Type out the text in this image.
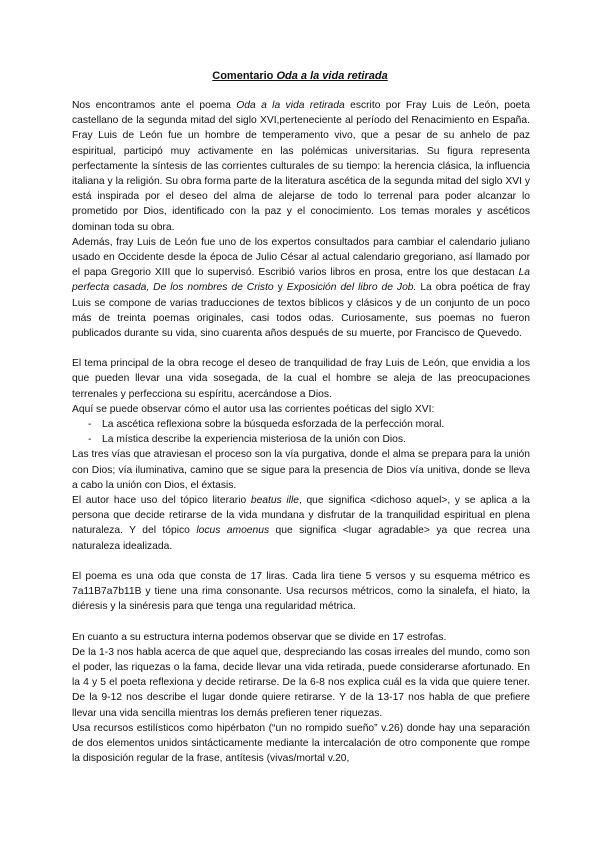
Comentario Oda a la vida retirada

Nos encontramos ante el poema Oda a la vida retirada escrito por Fray Luis de León, poeta castellano de la segunda mitad del siglo XVI,perteneciente al período del Renacimiento en España. Fray Luis de León fue un hombre de temperamento vivo, que a pesar de su anhelo de paz espiritual, participó muy activamente en las polémicas universitarias. Su figura representa perfectamente la síntesis de las corrientes culturales de su tiempo: la herencia clásica, la influencia italiana y la religión. Su obra forma parte de la literatura ascética de la segunda mitad del siglo XVI y está inspirada por el deseo del alma de alejarse de todo lo terrenal para poder alcanzar lo prometido por Dios, identificado con la paz y el conocimiento. Los temas morales y ascéticos dominan toda su obra.

Además, fray Luis de León fue uno de los expertos consultados para cambiar el calendario juliano usado en Occidente desde la época de Julio César al actual calendario gregoriano, así llamado por el papa Gregorio XIII que lo supervisó. Escribió varios libros en prosa, entre los que destacan La perfecta casada, De los nombres de Cristo y Exposición del libro de Job. La obra poética de fray Luis se compone de varias traducciones de textos bíblicos y clásicos y de un conjunto de un poco más de treinta poemas originales, casi todos odas. Curiosamente, sus poemas no fueron publicados durante su vida, sino cuarenta años después de su muerte, por Francisco de Quevedo.

El tema principal de la obra recoge el deseo de tranquilidad de fray Luis de León, que envidia a los que pueden llevar una vida sosegada, de la cual el hombre se aleja de las preocupaciones terrenales y perfecciona su espíritu, acercándose a Dios.

Aquí se puede observar cómo el autor usa las corrientes poéticas del siglo XVI:

- La ascética reflexiona sobre la búsqueda esforzada de la perfección moral.
- La mística describe la experiencia misteriosa de la unión con Dios.

Las tres vías que atraviesan el proceso son la vía purgativa, donde el alma se prepara para la unión con Dios; vía iluminativa, camino que se sigue para la presencia de Dios vía unitiva, donde se lleva a cabo la unión con Dios, el éxtasis.

El autor hace uso del tópico literario beatus ille, que significa <dichoso aquel>, y se aplica a la persona que decide retirarse de la vida mundana y disfrutar de la tranquilidad espiritual en plena naturaleza. Y del tópico locus amoenus que significa <lugar agradable> ya que recrea una naturaleza idealizada.

El poema es una oda que consta de 17 liras. Cada lira tiene 5 versos y su esquema métrico es 7a11B7a7b11B y tiene una rima consonante. Usa recursos métricos, como la sinalefa, el hiato, la diéresis y la sinéresis para que tenga una regularidad métrica.

En cuanto a su estructura interna podemos observar que se divide en 17 estrofas.

De la 1-3 nos habla acerca de que aquel que, despreciando las cosas irreales del mundo, como son el poder, las riquezas o la fama, decide llevar una vida retirada, puede considerarse afortunado. En la 4 y 5 el poeta reflexiona y decide retirarse. De la 6-8 nos explica cuál es la vida que quiere tener. De la 9-12 nos describe el lugar donde quiere retirarse. Y de la 13-17 nos habla de que prefiere llevar una vida sencilla mientras los demás prefieren tener riquezas.

Usa recursos estilísticos como hipérbaton (“un no rompido sueño” v.26) donde hay una separación de dos elementos unidos sintácticamente mediante la intercalación de otro componente que rompe la disposición regular de la frase, antítesis (vivas/mortal v.20,
